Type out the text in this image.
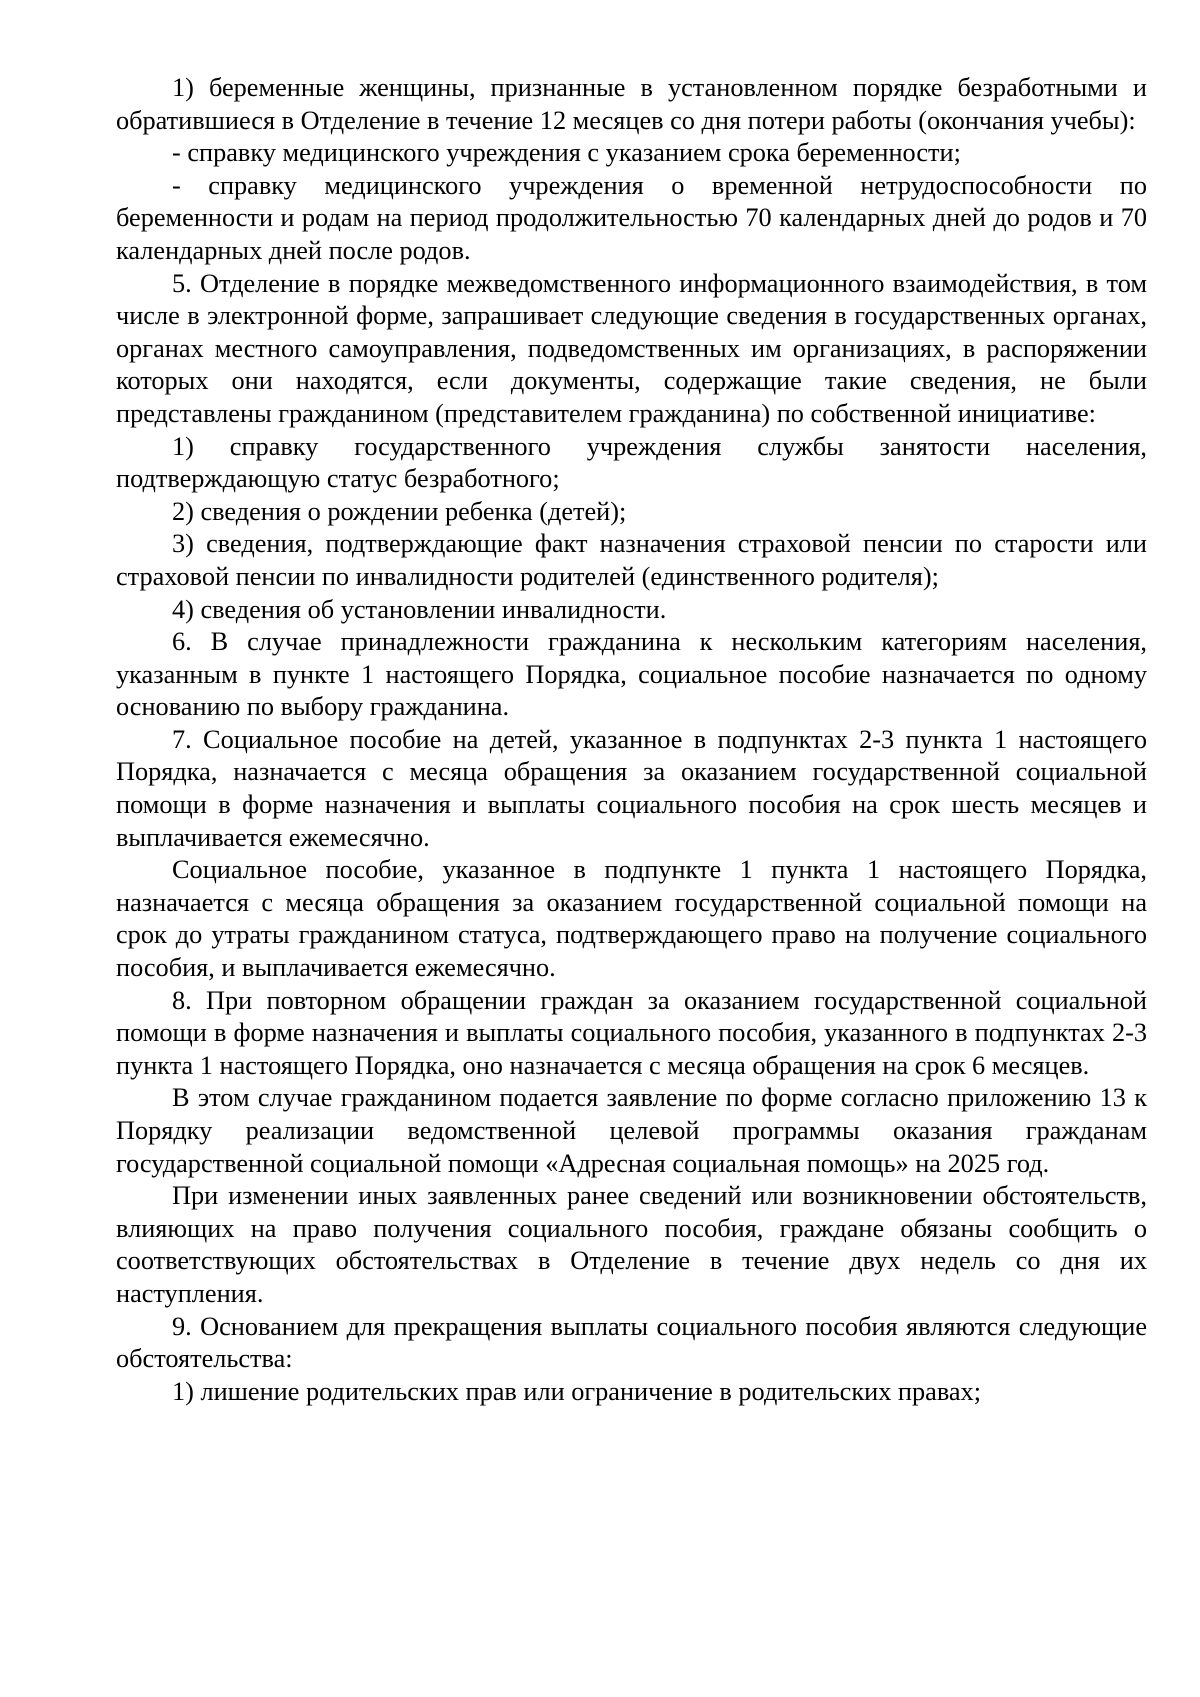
1) беременные женщины, признанные в установленном порядке безработными и обратившиеся в Отделение в течение 12 месяцев со дня потери работы (окончания учебы):

- справку медицинского учреждения с указанием срока беременности;

- справку медицинского учреждения о временной нетрудоспособности по беременности и родам на период продолжительностью 70 календарных дней до родов и 70 календарных дней после родов.

5. Отделение в порядке межведомственного информационного взаимодействия, в том числе в электронной форме, запрашивает следующие сведения в государственных органах, органах местного самоуправления, подведомственных им организациях, в распоряжении которых они находятся, если документы, содержащие такие сведения, не были представлены гражданином (представителем гражданина) по собственной инициативе:

1) справку государственного учреждения службы занятости населения, подтверждающую статус безработного;

2) сведения о рождении ребенка (детей);

3) сведения, подтверждающие факт назначения страховой пенсии по старости или страховой пенсии по инвалидности родителей (единственного родителя);

4) сведения об установлении инвалидности.

6. В случае принадлежности гражданина к нескольким категориям населения, указанным в пункте 1 настоящего Порядка, социальное пособие назначается по одному основанию по выбору гражданина.

7. Социальное пособие на детей, указанное в подпунктах 2-3 пункта 1 настоящего Порядка, назначается с месяца обращения за оказанием государственной социальной помощи в форме назначения и выплаты социального пособия на срок шесть месяцев и выплачивается ежемесячно.

Социальное пособие, указанное в подпункте 1 пункта 1 настоящего Порядка, назначается с месяца обращения за оказанием государственной социальной помощи на срок до утраты гражданином статуса, подтверждающего право на получение социального пособия, и выплачивается ежемесячно.

8. При повторном обращении граждан за оказанием государственной социальной помощи в форме назначения и выплаты социального пособия, указанного в подпунктах 2-3 пункта 1 настоящего Порядка, оно назначается с месяца обращения на срок 6 месяцев.

В этом случае гражданином подается заявление по форме согласно приложению 13 к Порядку реализации ведомственной целевой программы оказания гражданам государственной социальной помощи «Адресная социальная помощь» на 2025 год.

При изменении иных заявленных ранее сведений или возникновении обстоятельств, влияющих на право получения социального пособия, граждане обязаны сообщить о соответствующих обстоятельствах в Отделение в течение двух недель со дня их наступления.

9. Основанием для прекращения выплаты социального пособия являются следующие обстоятельства:

1) лишение родительских прав или ограничение в родительских правах;
